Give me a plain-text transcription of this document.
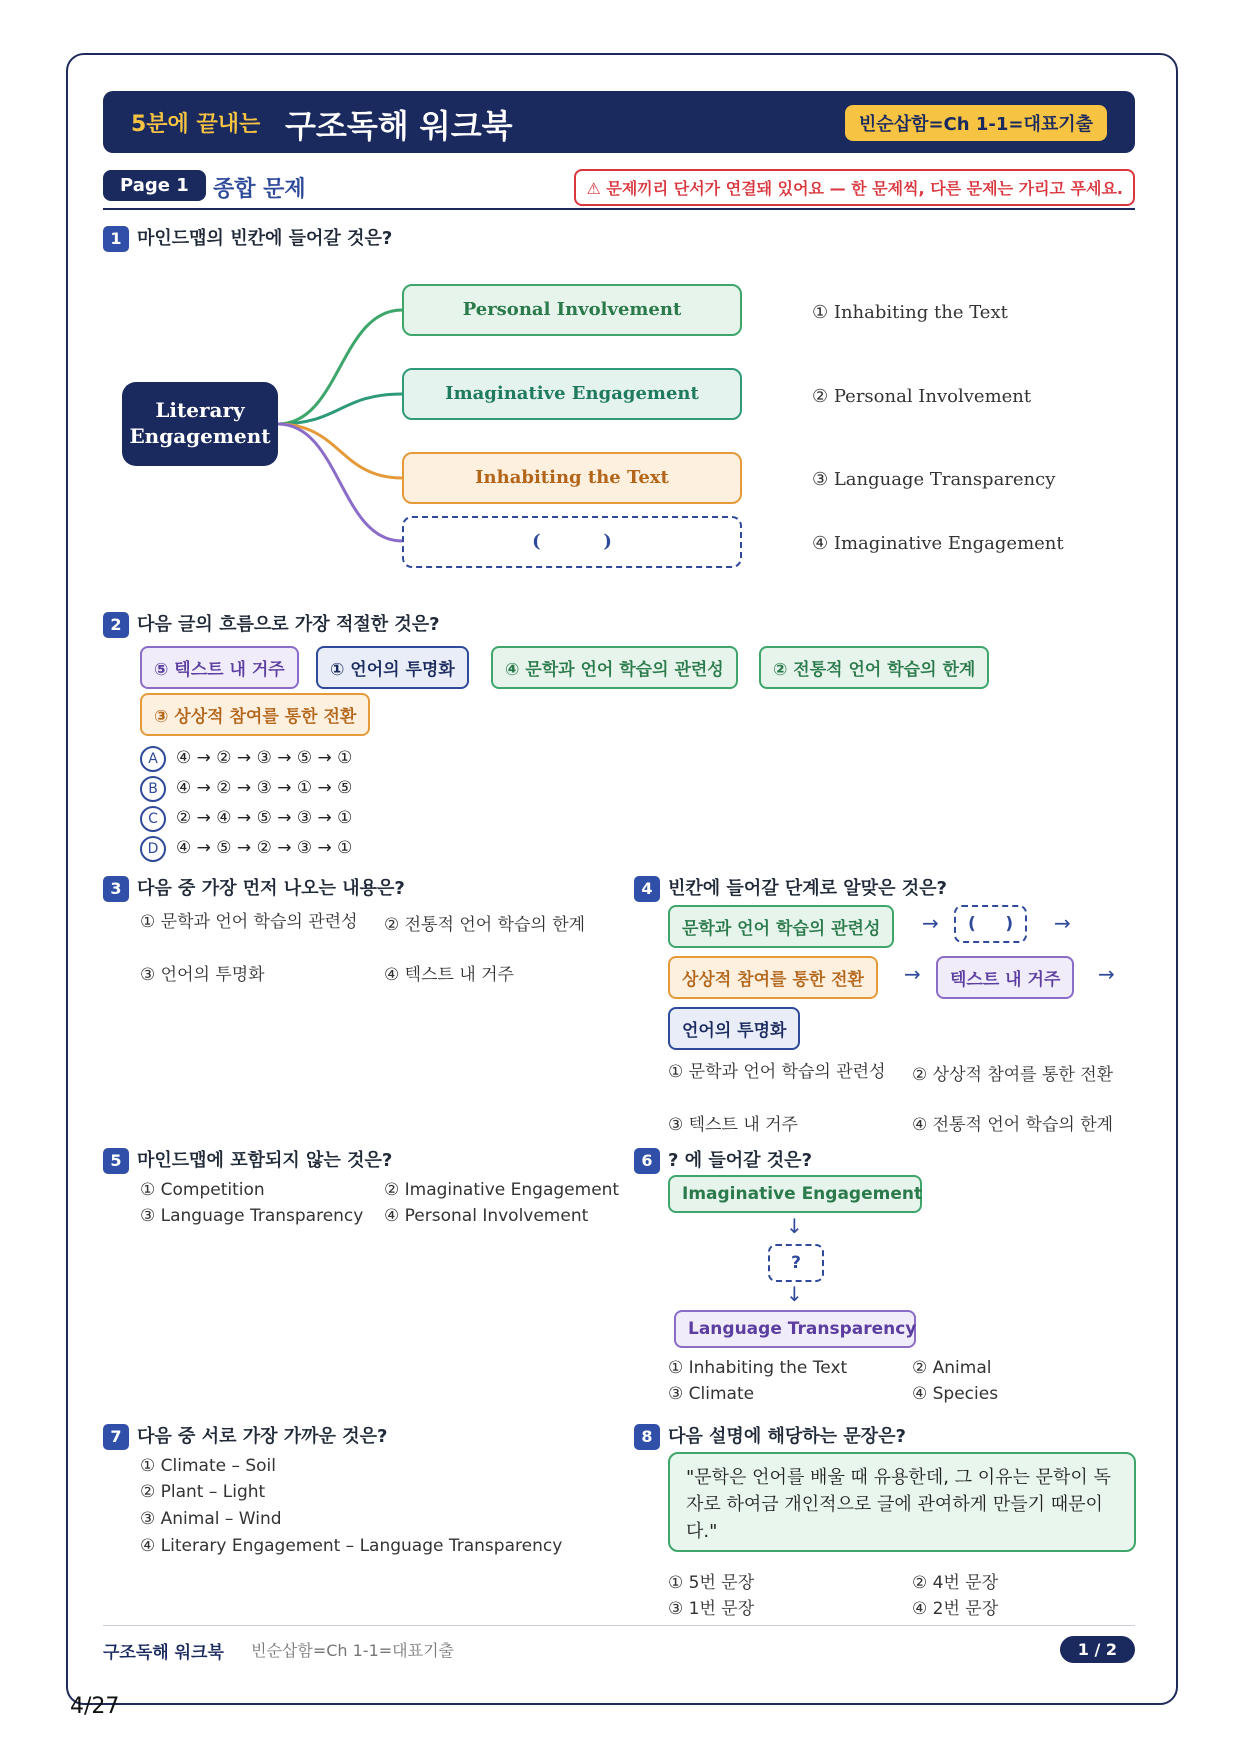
5분에 끝내는 구조독해 워크북	빈순삽함=Ch 1-1=대표기출
Page 1	종합 문제	⚠ 문제끼리 단서가 연결돼 있어요 — 한 문제씩, 다른 문제는 가리고 푸세요.
1 마인드맵의 빈칸에 들어갈 것은?
Literary
Engagement
Personal Involvement
Imaginative Engagement
Inhabiting the Text
(          )
① Inhabiting the Text
② Personal Involvement
③ Language Transparency
④ Imaginative Engagement
2 다음 글의 흐름으로 가장 적절한 것은?
⑤ 텍스트 내 거주	① 언어의 투명화	④ 문학과 언어 학습의 관련성	② 전통적 언어 학습의 한계
③ 상상적 참여를 통한 전환
A ④ → ② → ③ → ⑤ → ①
B ④ → ② → ③ → ① → ⑤
C ② → ④ → ⑤ → ③ → ①
D ④ → ⑤ → ② → ③ → ①
3 다음 중 가장 먼저 나오는 내용은?
① 문학과 언어 학습의 관련성	② 전통적 언어 학습의 한계
③ 언어의 투명화	④ 텍스트 내 거주
4 빈칸에 들어갈 단계로 알맞은 것은?
문학과 언어 학습의 관련성	→	(     )	→
상상적 참여를 통한 전환	→	텍스트 내 거주	→
언어의 투명화
① 문학과 언어 학습의 관련성	② 상상적 참여를 통한 전환
③ 텍스트 내 거주	④ 전통적 언어 학습의 한계
5 마인드맵에 포함되지 않는 것은?
① Competition	② Imaginative Engagement
③ Language Transparency ④ Personal Involvement
6 ? 에 들어갈 것은?
Imaginative Engagement
↓
?
↓
Language Transparency
① Inhabiting the Text	② Animal
③ Climate	④ Species
7 다음 중 서로 가장 가까운 것은?
① Climate – Soil
② Plant – Light
③ Animal – Wind
④ Literary Engagement – Language Transparency
8 다음 설명에 해당하는 문장은?
"문학은 언어를 배울 때 유용한데, 그 이유는 문학이 독자로 하여금 개인적으로 글에 관여하게 만들기 때문이다."
① 5번 문장	② 4번 문장
③ 1번 문장	④ 2번 문장
구조독해 워크북 빈순삽함=Ch 1-1=대표기출	1 / 2
4/27
